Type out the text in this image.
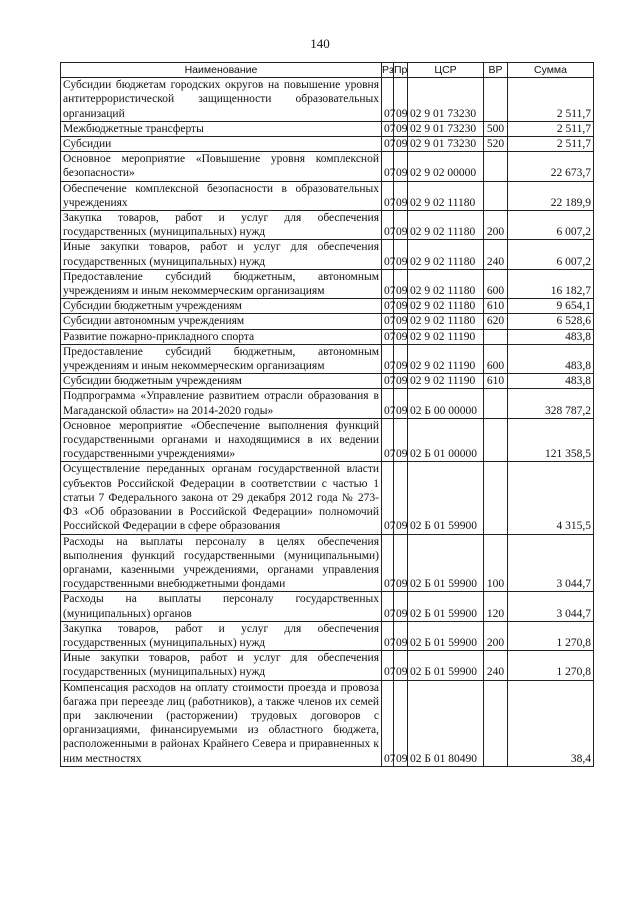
140
Наименование	Рз	Пр	ЦСР	ВР	Сумма
Субсидии бюджетам городских округов на повышение уровня антитеррористической защищенности образовательных организаций	07	09	02 9 01 73230		2 511,7
Межбюджетные трансферты	07	09	02 9 01 73230	500	2 511,7
Субсидии	07	09	02 9 01 73230	520	2 511,7
Основное мероприятие «Повышение уровня комплексной безопасности»	07	09	02 9 02 00000		22 673,7
Обеспечение комплексной безопасности в образовательных учреждениях	07	09	02 9 02 11180		22 189,9
Закупка товаров, работ и услуг для обеспечения государственных (муниципальных) нужд	07	09	02 9 02 11180	200	6 007,2
Иные закупки товаров, работ и услуг для обеспечения государственных (муниципальных) нужд	07	09	02 9 02 11180	240	6 007,2
Предоставление субсидий бюджетным, автономным учреждениям и иным некоммерческим организациям	07	09	02 9 02 11180	600	16 182,7
Субсидии бюджетным учреждениям	07	09	02 9 02 11180	610	9 654,1
Субсидии автономным учреждениям	07	09	02 9 02 11180	620	6 528,6
Развитие пожарно-прикладного спорта	07	09	02 9 02 11190		483,8
Предоставление субсидий бюджетным, автономным учреждениям и иным некоммерческим организациям	07	09	02 9 02 11190	600	483,8
Субсидии бюджетным учреждениям	07	09	02 9 02 11190	610	483,8
Подпрограмма «Управление развитием отрасли образования в Магаданской области» на 2014-2020 годы»	07	09	02 Б 00 00000		328 787,2
Основное мероприятие «Обеспечение выполнения функций государственными органами и находящимися в их ведении государственными учреждениями»	07	09	02 Б 01 00000		121 358,5
Осуществление переданных органам государственной власти субъектов Российской Федерации в соответствии с частью 1 статьи 7 Федерального закона от 29 декабря 2012 года № 273-ФЗ «Об образовании в Российской Федерации» полномочий Российской Федерации в сфере образования	07	09	02 Б 01 59900		4 315,5
Расходы на выплаты персоналу в целях обеспечения выполнения функций государственными (муниципальными) органами, казенными учреждениями, органами управления государственными внебюджетными фондами	07	09	02 Б 01 59900	100	3 044,7
Расходы на выплаты персоналу государственных (муниципальных) органов	07	09	02 Б 01 59900	120	3 044,7
Закупка товаров, работ и услуг для обеспечения государственных (муниципальных) нужд	07	09	02 Б 01 59900	200	1 270,8
Иные закупки товаров, работ и услуг для обеспечения государственных (муниципальных) нужд	07	09	02 Б 01 59900	240	1 270,8
Компенсация расходов на оплату стоимости проезда и провоза багажа при переезде лиц (работников), а также членов их семей при заключении (расторжении) трудовых договоров с организациями, финансируемыми из областного бюджета, расположенными в районах Крайнего Севера и приравненных к ним местностях	07	09	02 Б 01 80490		38,4
